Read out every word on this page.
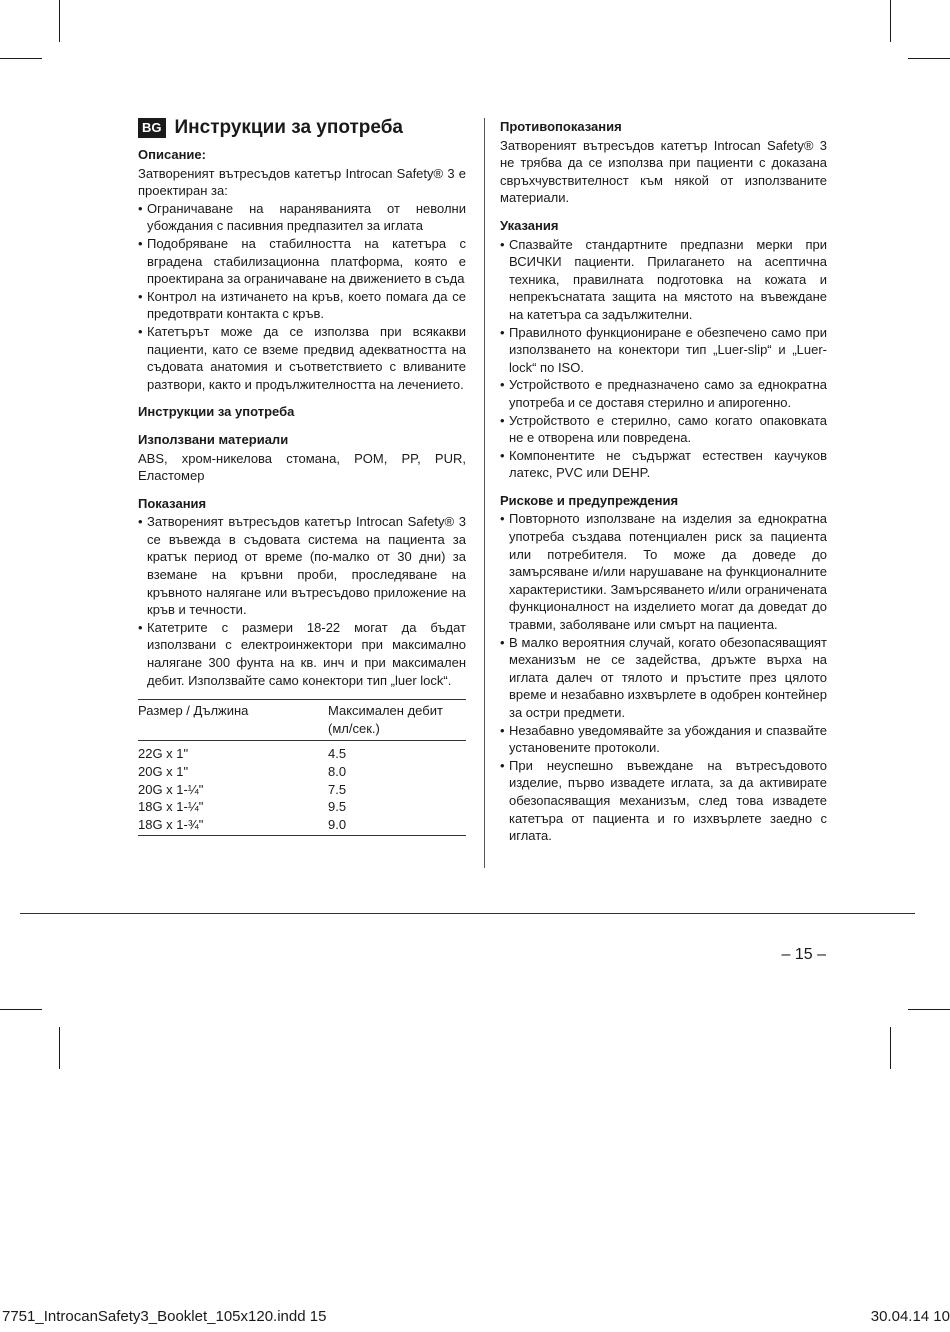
BG Инструкции за употреба
Описание:

Затвореният вътресъдов катетър Introcan Safety® 3 е проектиран за:

• Ограничаване на нараняванията от неволни убождания с пасивния предпазител за иглата
• Подобряване на стабилността на катетъра с вградена стабилизационна платформа, която е проектирана за ограничаване на движението в съда
• Контрол на изтичането на кръв, което помага да се предотврати контакта с кръв.
• Катетърът може да се използва при всякакви пациенти, като се вземе предвид адекватността на съдовата анатомия и съответствието с вливаните разтвори, както и продължителността на лечението.
Инструкции за употреба
Използвани материали

ABS, хром-никелова стомана, POM, PP, PUR, Еластомер

Показания
• Затвореният вътресъдов катетър Introcan Safety® 3 се въвежда в съдовата система на пациента за кратък период от време (по-малко от 30 дни) за вземане на кръвни проби, проследяване на кръвното налягане или вътресъдово приложение на кръв и течности.
• Катетрите с размери 18-22 могат да бъдат използвани с електроинжектори при максимално налягане 300 фунта на кв. инч и при максимален дебит. Използвайте само конектори тип „luer lock“.
Размер / Дължина	Максимален дебит (мл/сек.)
22G x 1"	4.5
20G x 1"	8.0
20G x 1-¼"	7.5
18G x 1-¼"	9.5
18G x 1-¾"	9.0
Противопоказания

Затвореният вътресъдов катетър Introcan Safety® 3 не трябва да се използва при пациенти с доказана свръхчувствителност към някой от използваните материали.

Указания
• Спазвайте стандартните предпазни мерки при ВСИЧКИ пациенти. Прилагането на асептична техника, правилната подготовка на кожата и непрекъснатата защита на мястото на въвеждане на катетъра са задължителни.
• Правилното функциониране е обезпечено само при използването на конектори тип „Luer-slip“ и „Luer-lock“ по ISO.
• Устройството е предназначено само за еднократна употреба и се доставя стерилно и апирогенно.
• Устройството е стерилно, само когато опаковката не е отворена или повредена.
• Компонентите не съдържат естествен каучуков латекс, PVC или DEHP.
Рискове и предупреждения
• Повторното използване на изделия за еднократна употреба създава потенциален риск за пациента или потребителя. То може да доведе до замърсяване и/или нарушаване на функционалните характеристики. Замърсяването и/или ограничената функционалност на изделието могат да доведат до травми, заболяване или смърт на пациента.
• В малко вероятния случай, когато обезопасяващият механизъм не се задейства, дръжте върха на иглата далеч от тялото и пръстите през цялото време и незабавно изхвърлете в одобрен контейнер за остри предмети.
• Незабавно уведомявайте за убождания и спазвайте установените протоколи.
• При неуспешно въвеждане на вътресъдовото изделие, първо извадете иглата, за да активирате обезопасяващия механизъм, след това извадете катетъра от пациента и го изхвърлете заедно с иглата.
– 15 –
7751_IntrocanSafety3_Booklet_105x120.indd 15	30.04.14 10
